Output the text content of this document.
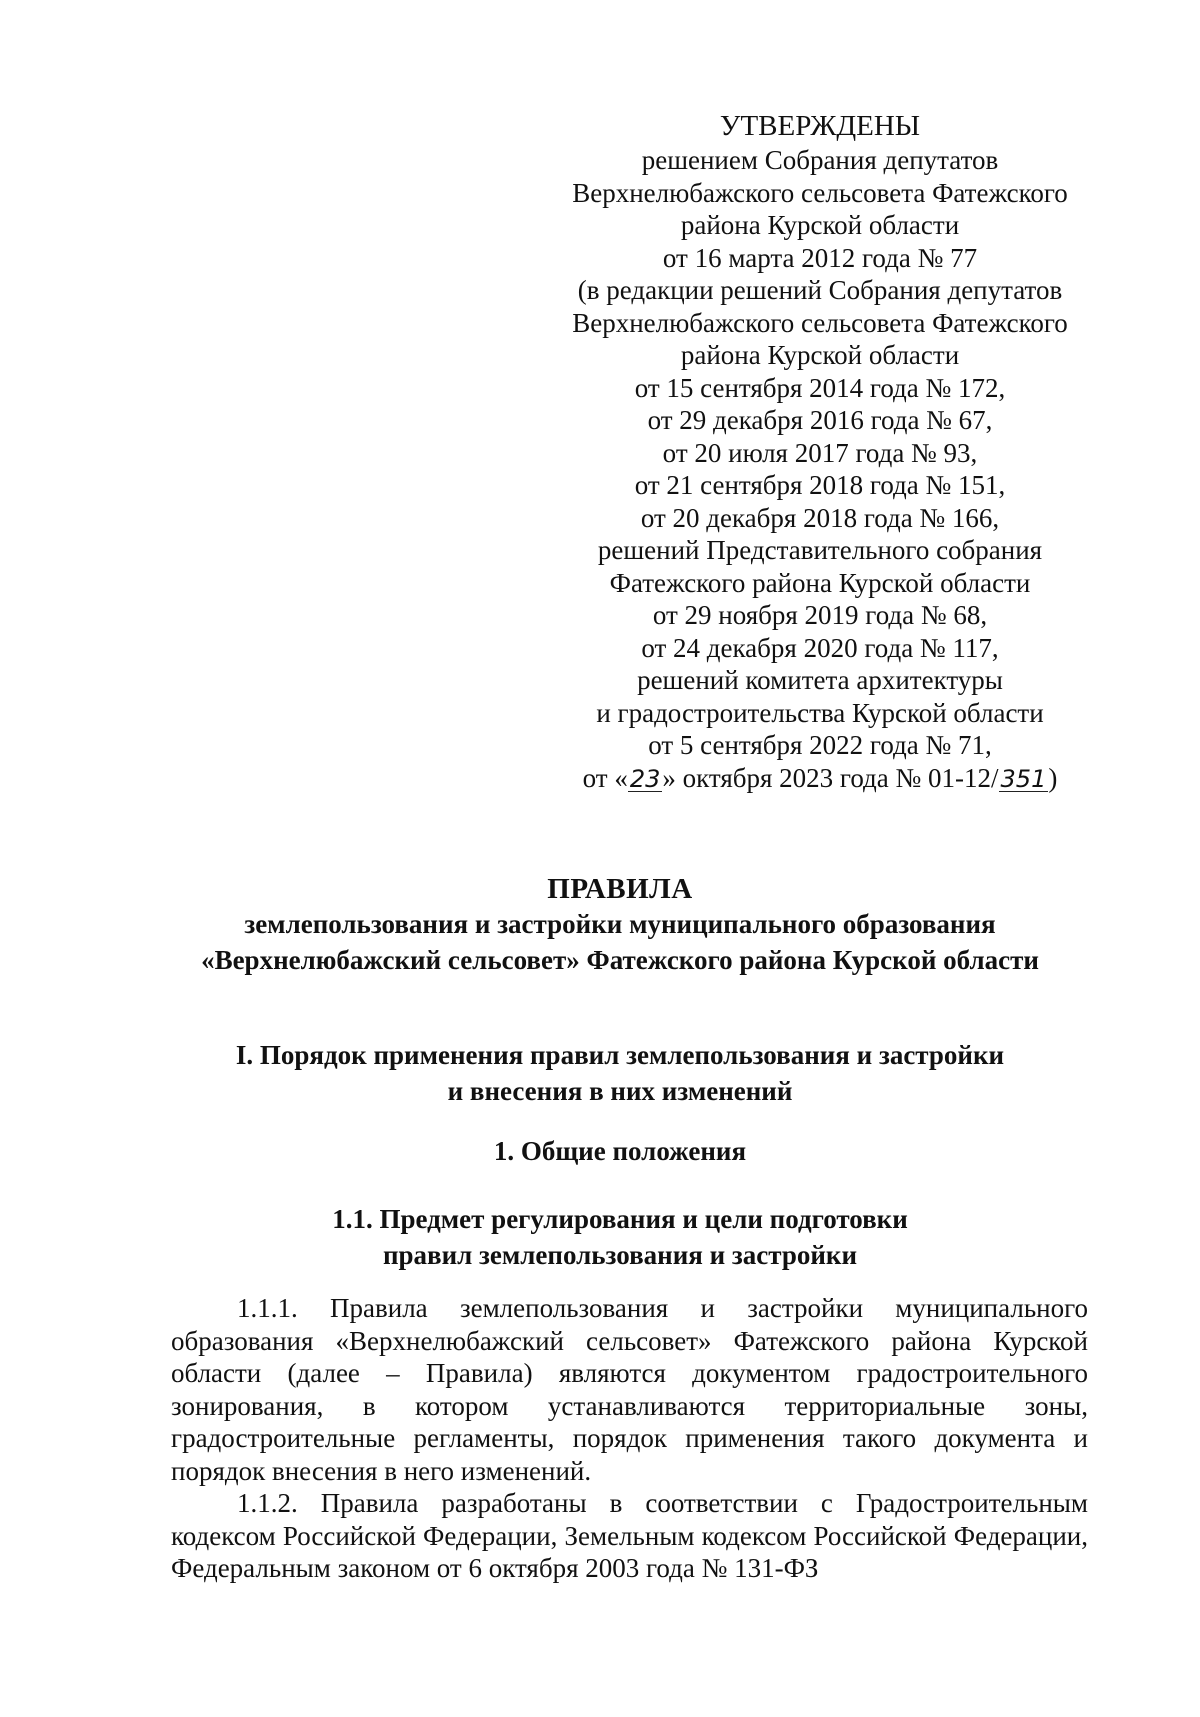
УТВЕРЖДЕНЫ
решением Собрания депутатов
Верхнелюбажского сельсовета Фатежского
района Курской области
от 16 марта 2012 года № 77
(в редакции решений Собрания депутатов
Верхнелюбажского сельсовета Фатежского
района Курской области
от 15 сентября 2014 года № 172,
от 29 декабря 2016 года № 67,
от 20 июля 2017 года № 93,
от 21 сентября 2018 года № 151,
от 20 декабря 2018 года № 166,
решений Представительного собрания
Фатежского района Курской области
от 29 ноября 2019 года № 68,
от 24 декабря 2020 года № 117,
решений комитета архитектуры
и градостроительства Курской области
от 5 сентября 2022 года № 71,
от «23» октября 2023 года № 01-12/351)
ПРАВИЛА
землепользования и застройки муниципального образования
«Верхнелюбажский сельсовет» Фатежского района Курской области
I. Порядок применения правил землепользования и застройки
и внесения в них изменений
1. Общие положения
1.1. Предмет регулирования и цели подготовки
правил землепользования и застройки

1.1.1. Правила землепользования и застройки муниципального образования «Верхнелюбажский сельсовет» Фатежского района Курской области (далее – Правила) являются документом градостроительного зонирования, в котором устанавливаются территориальные зоны, градостроительные регламенты, порядок применения такого документа и порядок внесения в него изменений.

1.1.2. Правила разработаны в соответствии с Градостроительным кодексом Российской Федерации, Земельным кодексом Российской Федерации, Федеральным законом от 6 октября 2003 года № 131-ФЗ
